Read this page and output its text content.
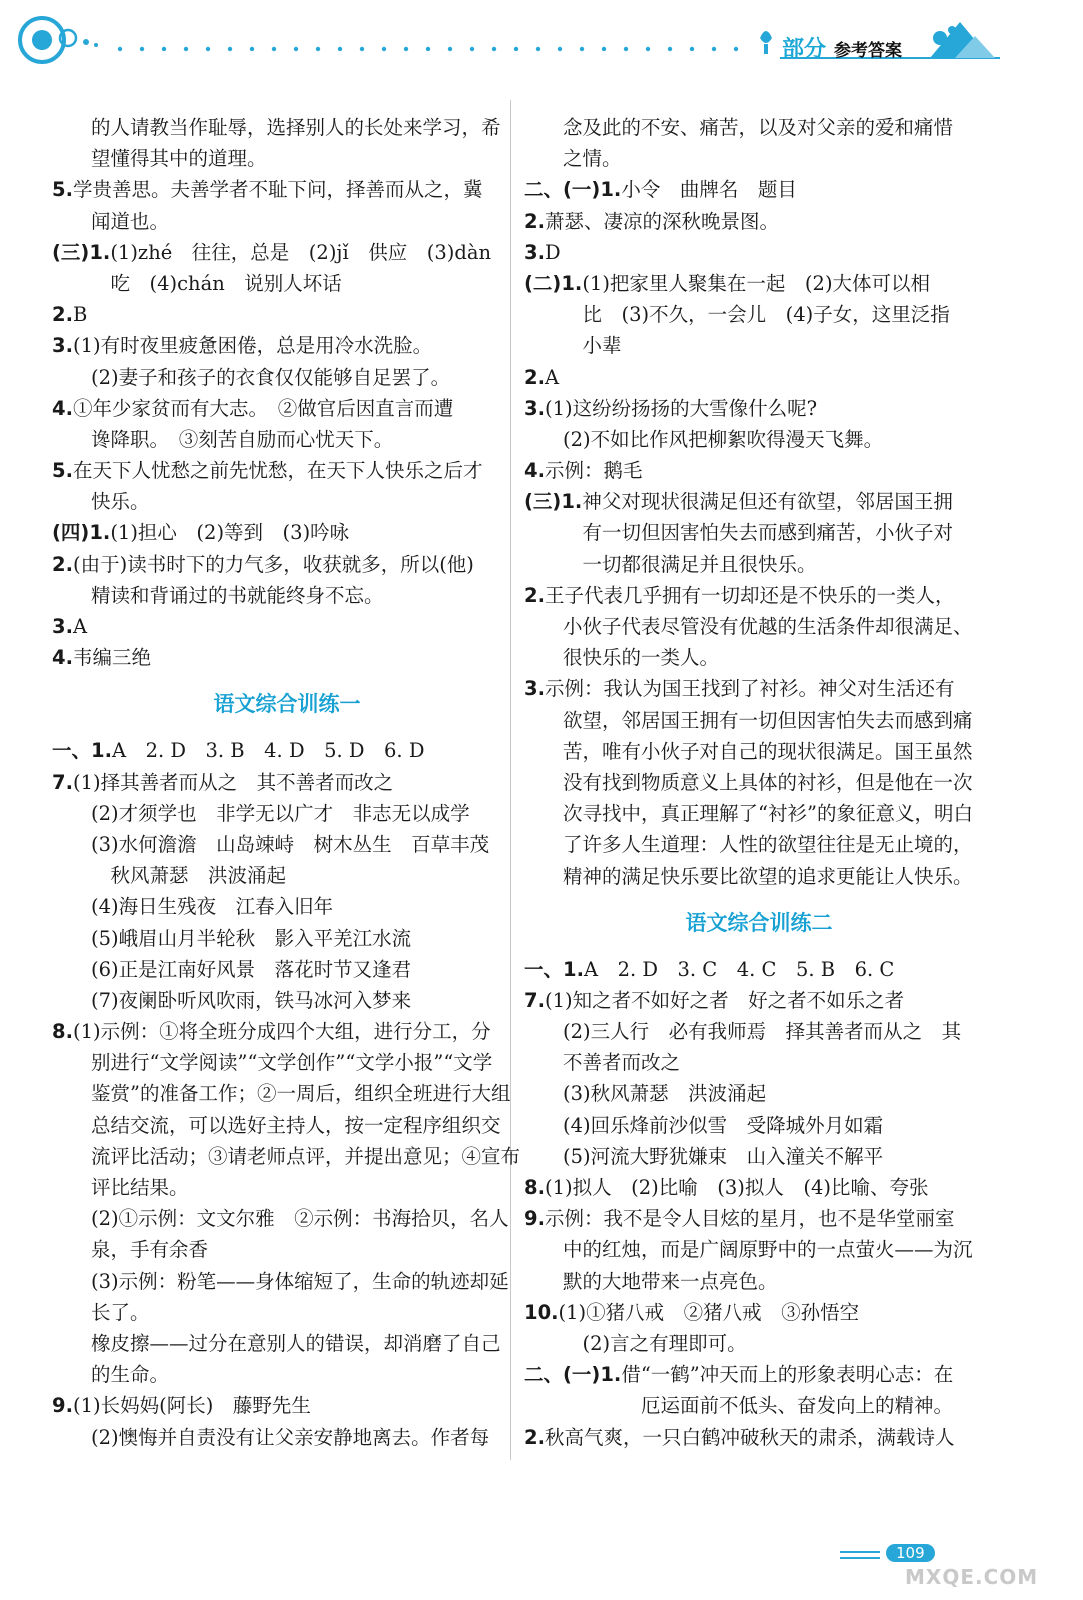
部分 参考答案
　　的人请教当作耻辱，选择别人的长处来学习，希
　　望懂得其中的道理。
5.学贵善思。夫善学者不耻下问，择善而从之，冀
　　闻道也。
(三)1.(1)zhé　往往，总是　(2)jǐ　供应　(3)dàn
　　　吃　(4)chán　说别人坏话
2.B
3.(1)有时夜里疲惫困倦，总是用冷水洗脸。
　　(2)妻子和孩子的衣食仅仅能够自足罢了。
4.①年少家贫而有大志。　②做官后因直言而遭
　　谗降职。　③刻苦自励而心忧天下。
5.在天下人忧愁之前先忧愁，在天下人快乐之后才
　　快乐。
(四)1.(1)担心　(2)等到　(3)吟咏
2.(由于)读书时下的力气多，收获就多，所以(他)
　　精读和背诵过的书就能终身不忘。
3.A
4.韦编三绝
语文综合训练一
一、1.A　2. D　3. B　4. D　5. D　6. D
7.(1)择其善者而从之　其不善者而改之
　　(2)才须学也　非学无以广才　非志无以成学
　　(3)水何澹澹　山岛竦峙　树木丛生　百草丰茂
　　　秋风萧瑟　洪波涌起
　　(4)海日生残夜　江春入旧年
　　(5)峨眉山月半轮秋　影入平羌江水流
　　(6)正是江南好风景　落花时节又逢君
　　(7)夜阑卧听风吹雨，铁马冰河入梦来
8.(1)示例：①将全班分成四个大组，进行分工，分
　　别进行“文学阅读”“文学创作”“文学小报”“文学
　　鉴赏”的准备工作；②一周后，组织全班进行大组
　　总结交流，可以选好主持人，按一定程序组织交
　　流评比活动；③请老师点评，并提出意见；④宣布
　　评比结果。
　　(2)①示例：文文尔雅　②示例：书海拾贝，名人
　　泉，手有余香
　　(3)示例：粉笔——身体缩短了，生命的轨迹却延
　　长了。
　　橡皮擦——过分在意别人的错误，却消磨了自己
　　的生命。
9.(1)长妈妈(阿长)　藤野先生
　　(2)懊悔并自责没有让父亲安静地离去。作者每
　　念及此的不安、痛苦，以及对父亲的爱和痛惜
　　之情。
二、(一)1.小令　曲牌名　题目
2.萧瑟、凄凉的深秋晚景图。
3.D
(二)1.(1)把家里人聚集在一起　(2)大体可以相
　　　比　(3)不久，一会儿　(4)子女，这里泛指
　　　小辈
2.A
3.(1)这纷纷扬扬的大雪像什么呢?
　　(2)不如比作风把柳絮吹得漫天飞舞。
4.示例：鹅毛
(三)1.神父对现状很满足但还有欲望，邻居国王拥
　　　有一切但因害怕失去而感到痛苦，小伙子对
　　　一切都很满足并且很快乐。
2.王子代表几乎拥有一切却还是不快乐的一类人，
　　小伙子代表尽管没有优越的生活条件却很满足、
　　很快乐的一类人。
3.示例：我认为国王找到了衬衫。神父对生活还有
　　欲望，邻居国王拥有一切但因害怕失去而感到痛
　　苦，唯有小伙子对自己的现状很满足。国王虽然
　　没有找到物质意义上具体的衬衫，但是他在一次
　　次寻找中，真正理解了“衬衫”的象征意义，明白
　　了许多人生道理：人性的欲望往往是无止境的，
　　精神的满足快乐要比欲望的追求更能让人快乐。
语文综合训练二
一、1.A　2. D　3. C　4. C　5. B　6. C
7.(1)知之者不如好之者　好之者不如乐之者
　　(2)三人行　必有我师焉　择其善者而从之　其
　　不善者而改之
　　(3)秋风萧瑟　洪波涌起
　　(4)回乐烽前沙似雪　受降城外月如霜
　　(5)河流大野犹嫌束　山入潼关不解平
8.(1)拟人　(2)比喻　(3)拟人　(4)比喻、夸张
9.示例：我不是令人目炫的星月，也不是华堂丽室
　　中的红烛，而是广阔原野中的一点萤火——为沉
　　默的大地带来一点亮色。
10.(1)①猪八戒　②猪八戒　③孙悟空
　　　(2)言之有理即可。
二、(一)1.借“一鹤”冲天而上的形象表明心志：在
　　　　　　厄运面前不低头、奋发向上的精神。
2.秋高气爽，一只白鹤冲破秋天的肃杀，满载诗人
109
MXQE.COM
